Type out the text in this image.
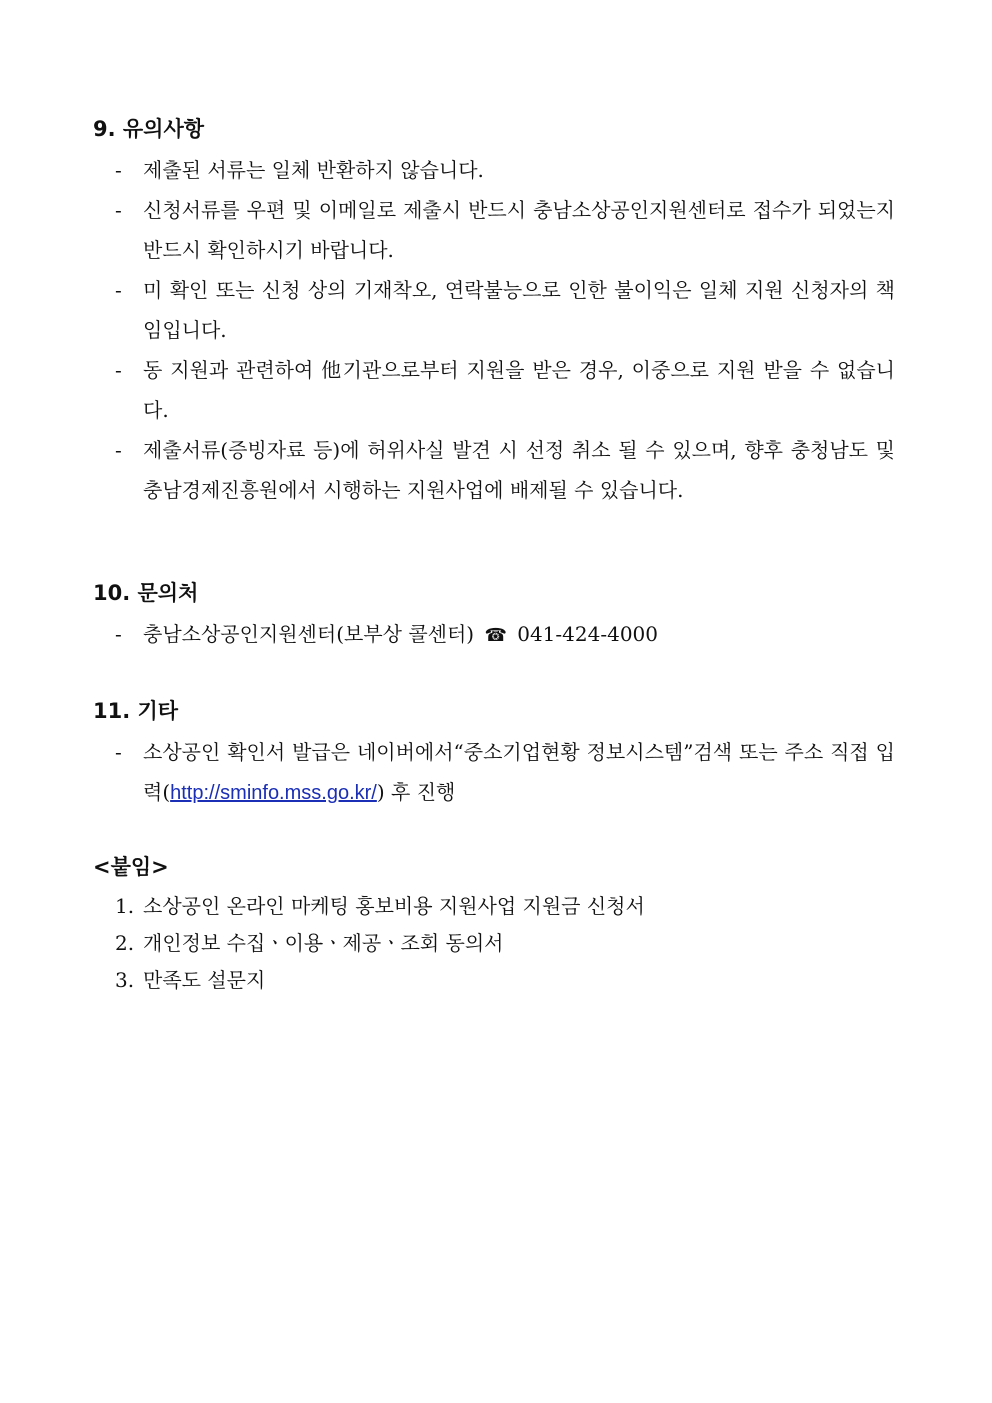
9. 유의사항
- 제출된 서류는 일체 반환하지 않습니다.
- 신청서류를 우편 및 이메일로 제출시 반드시 충남소상공인지원센터로 접수가 되었는지 반드시 확인하시기 바랍니다.
- 미 확인 또는 신청 상의 기재착오, 연락불능으로 인한 불이익은 일체 지원 신청자의 책임입니다.
- 동 지원과 관련하여 他기관으로부터 지원을 받은 경우, 이중으로 지원 받을 수 없습니다.
- 제출서류(증빙자료 등)에 허위사실 발견 시 선정 취소 될 수 있으며, 향후 충청남도 및 충남경제진흥원에서 시행하는 지원사업에 배제될 수 있습니다.
10. 문의처
- 충남소상공인지원센터(보부상 콜센터) ☎ 041-424-4000
11. 기타
- 소상공인 확인서 발급은 네이버에서“중소기업현황 정보시스템”검색 또는 주소 직접 입력(http://sminfo.mss.go.kr/) 후 진행
<붙임>
1. 소상공인 온라인 마케팅 홍보비용 지원사업 지원금 신청서
2. 개인정보 수집ㆍ이용ㆍ제공ㆍ조회 동의서
3. 만족도 설문지
